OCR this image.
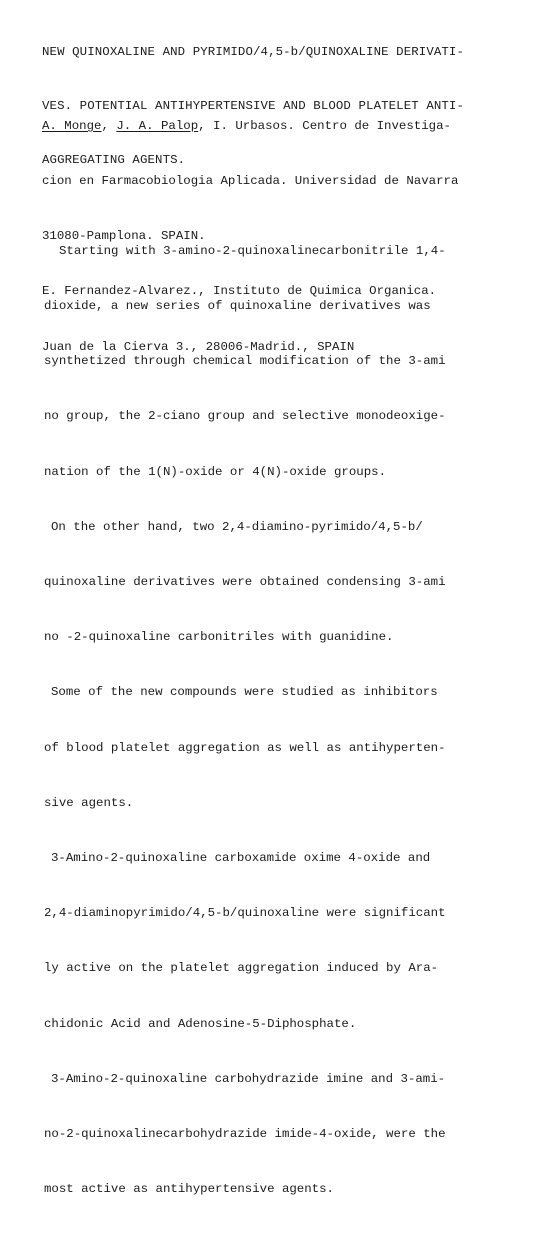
NEW QUINOXALINE AND PYRIMIDO/4,5-b/QUINOXALINE DERIVATI-

VES. POTENTIAL ANTIHYPERTENSIVE AND BLOOD PLATELET ANTI-

AGGREGATING AGENTS.

A. Monge, J. A. Palop, I. Urbasos. Centro de Investiga-

cion en Farmacobiologia Aplicada. Universidad de Navarra

31080-Pamplona. SPAIN.

E. Fernandez-Alvarez., Instituto de Quimica Organica.

Juan de la Cierva 3., 28006-Madrid., SPAIN

Starting with 3-amino-2-quinoxalinecarbonitrile 1,4-

dioxide, a new series of quinoxaline derivatives was

synthetized through chemical modification of the 3-ami

no group, the 2-ciano group and selective monodeoxige-

nation of the 1(N)-oxide or 4(N)-oxide groups.

On the other hand, two 2,4-diamino-pyrimido/4,5-b/

quinoxaline derivatives were obtained condensing 3-ami

no -2-quinoxaline carbonitriles with guanidine.

Some of the new compounds were studied as inhibitors

of blood platelet aggregation as well as antihyperten-

sive agents.

3-Amino-2-quinoxaline carboxamide oxime 4-oxide and

2,4-diaminopyrimido/4,5-b/quinoxaline were significant

ly active on the platelet aggregation induced by Ara-

chidonic Acid and Adenosine-5-Diphosphate.

3-Amino-2-quinoxaline carbohydrazide imine and 3-ami-

no-2-quinoxalinecarbohydrazide imide-4-oxide, were the

most active as antihypertensive agents.
